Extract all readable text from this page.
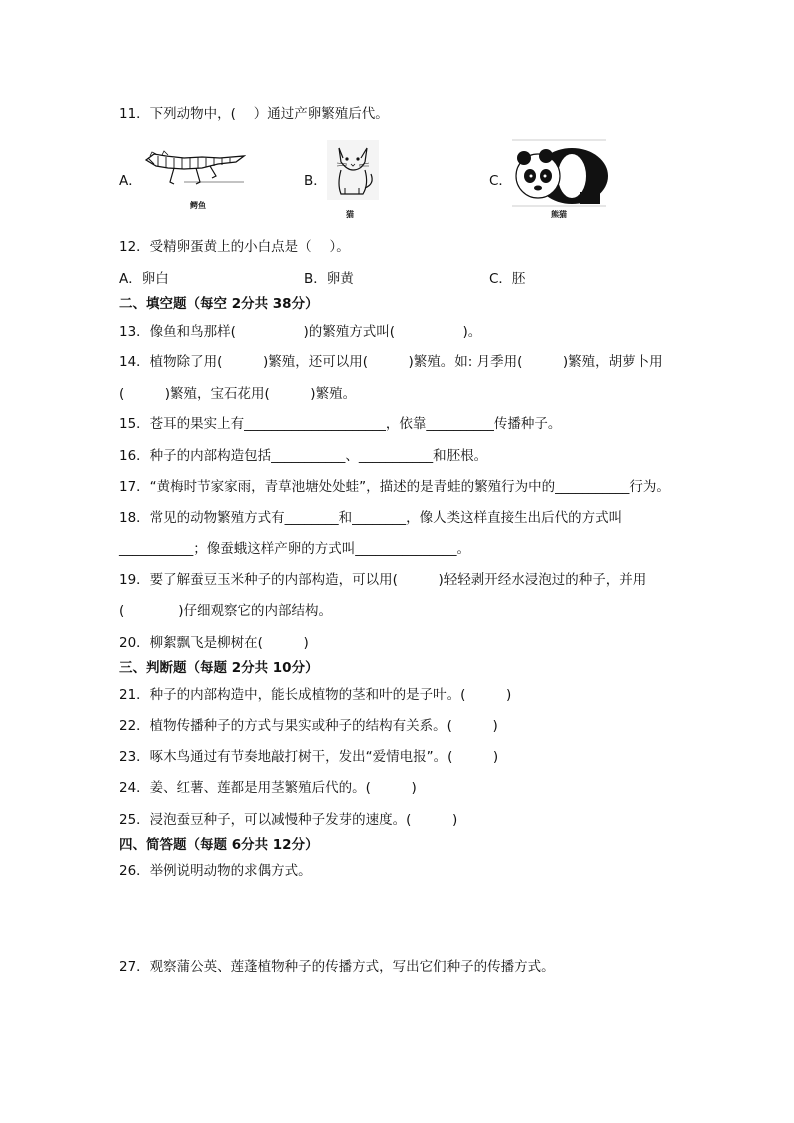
11．下列动物中，(　 ）通过产卵繁殖后代。
A．
鳄鱼
B．
猫
C．
熊猫
12．受精卵蛋黄上的小白点是（　 ）。
A．卵白	B．卵黄	C．胚
二、填空题（每空 2分共 38分）
13．像鱼和鸟那样(　　　　　)的繁殖方式叫(　　　　　)。
14．植物除了用(　　　)繁殖，还可以用(　　　)繁殖。如: 月季用(　　　)繁殖，胡萝卜用
(　　　)繁殖，宝石花用(　　　)繁殖。
15．苍耳的果实上有_____________________，依靠__________传播种子。
16．种子的内部构造包括___________、___________和胚根。
17．“黄梅时节家家雨，青草池塘处处蛙”，描述的是青蛙的繁殖行为中的___________行为。
18．常见的动物繁殖方式有________和________，像人类这样直接生出后代的方式叫
___________；像蚕蛾这样产卵的方式叫_______________。
19．要了解蚕豆玉米种子的内部构造，可以用(　　　)轻轻剥开经水浸泡过的种子，并用
(　　　　)仔细观察它的内部结构。
20．柳絮飘飞是柳树在(　　　)
三、判断题（每题 2分共 10分）
21．种子的内部构造中，能长成植物的茎和叶的是子叶。(　　　)
22．植物传播种子的方式与果实或种子的结构有关系。(　　　)
23．啄木鸟通过有节奏地敲打树干，发出“爱情电报”。(　　　)
24．姜、红薯、莲都是用茎繁殖后代的。(　　　)
25．浸泡蚕豆种子，可以减慢种子发芽的速度。(　　　)
四、简答题（每题 6分共 12分）
26．举例说明动物的求偶方式。
27．观察蒲公英、莲蓬植物种子的传播方式，写出它们种子的传播方式。
